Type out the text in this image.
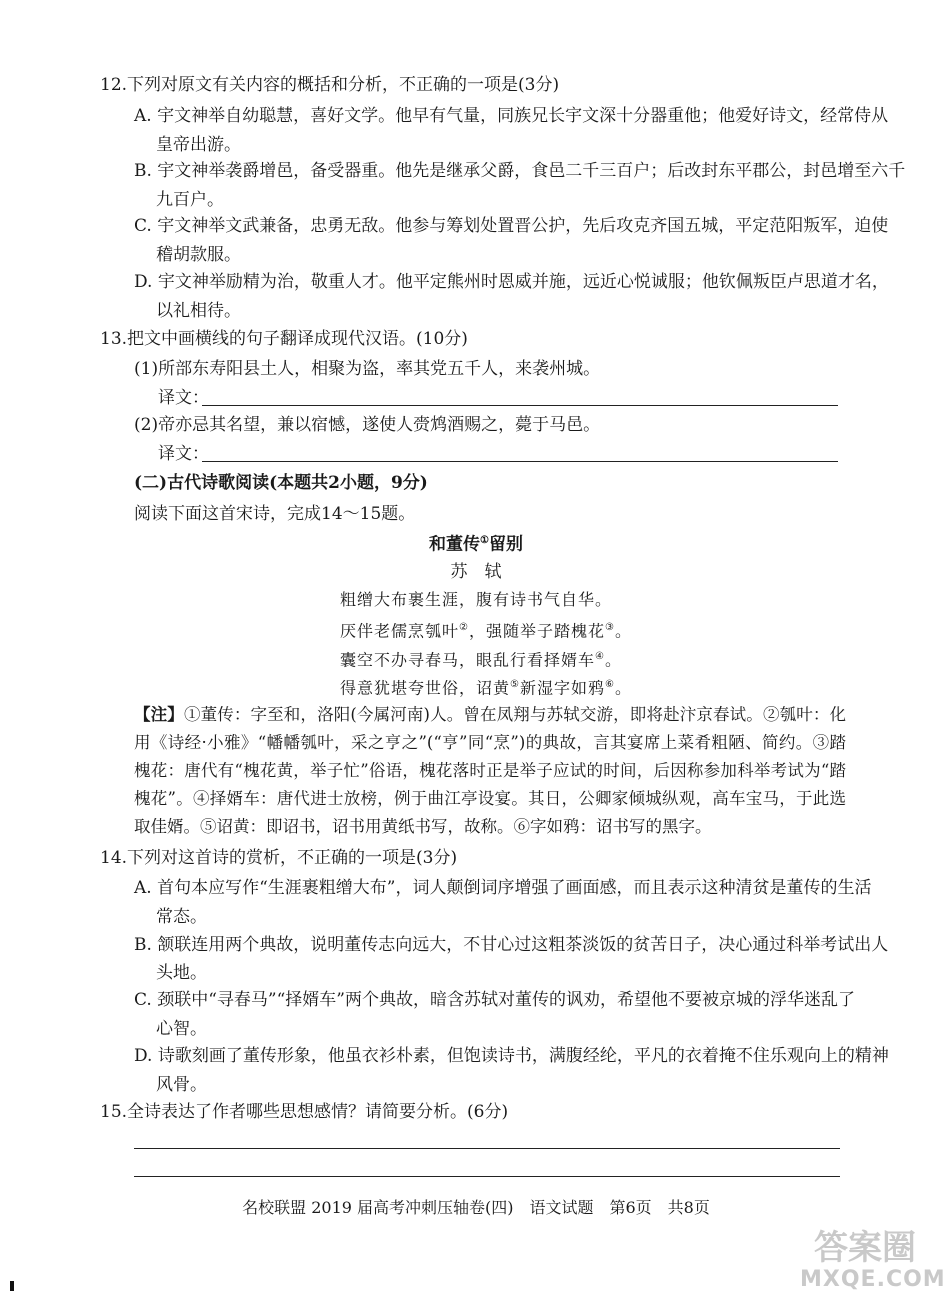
12.下列对原文有关内容的概括和分析，不正确的一项是(3分)
A. 宇文神举自幼聪慧，喜好文学。他早有气量，同族兄长宇文深十分器重他；他爱好诗文，经常侍从
皇帝出游。
B. 宇文神举袭爵增邑，备受器重。他先是继承父爵，食邑二千三百户；后改封东平郡公，封邑增至六千
九百户。
C. 宇文神举文武兼备，忠勇无敌。他参与筹划处置晋公护，先后攻克齐国五城，平定范阳叛军，迫使
稽胡款服。
D. 宇文神举励精为治，敬重人才。他平定熊州时恩威并施，远近心悦诚服；他钦佩叛臣卢思道才名，
以礼相待。
13.把文中画横线的句子翻译成现代汉语。(10分)
(1)所部东寿阳县土人，相聚为盗，率其党五千人，来袭州城。
译文：
(2)帝亦忌其名望，兼以宿憾，遂使人赍鸩酒赐之，薨于马邑。
译文：
(二)古代诗歌阅读(本题共2小题，9分)
阅读下面这首宋诗，完成14～15题。
和董传①留别
苏　轼
粗缯大布裹生涯，腹有诗书气自华。
厌伴老儒烹瓠叶②，强随举子踏槐花③。
囊空不办寻春马，眼乱行看择婿车④。
得意犹堪夸世俗，诏黄⑤新湿字如鸦⑥。
【注】①董传：字至和，洛阳(今属河南)人。曾在凤翔与苏轼交游，即将赴汴京春试。②瓠叶：化用《诗经·小雅》“幡幡瓠叶，采之亨之”(“亨”同“烹”)的典故，言其宴席上菜肴粗陋、简约。③踏槐花：唐代有“槐花黄，举子忙”俗语，槐花落时正是举子应试的时间，后因称参加科举考试为“踏槐花”。④择婿车：唐代进士放榜，例于曲江亭设宴。其日，公卿家倾城纵观，高车宝马，于此选取佳婿。⑤诏黄：即诏书，诏书用黄纸书写，故称。⑥字如鸦：诏书写的黑字。
14.下列对这首诗的赏析，不正确的一项是(3分)
A. 首句本应写作“生涯裹粗缯大布”，词人颠倒词序增强了画面感，而且表示这种清贫是董传的生活
常态。
B. 颔联连用两个典故，说明董传志向远大，不甘心过这粗茶淡饭的贫苦日子，决心通过科举考试出人
头地。
C. 颈联中“寻春马”“择婿车”两个典故，暗含苏轼对董传的讽劝，希望他不要被京城的浮华迷乱了
心智。
D. 诗歌刻画了董传形象，他虽衣衫朴素，但饱读诗书，满腹经纶，平凡的衣着掩不住乐观向上的精神
风骨。
15.全诗表达了作者哪些思想感情？请简要分析。(6分)
名校联盟 2019 届高考冲刺压轴卷(四)　语文试题　第6页　共8页
答案圈
MXQE.COM
